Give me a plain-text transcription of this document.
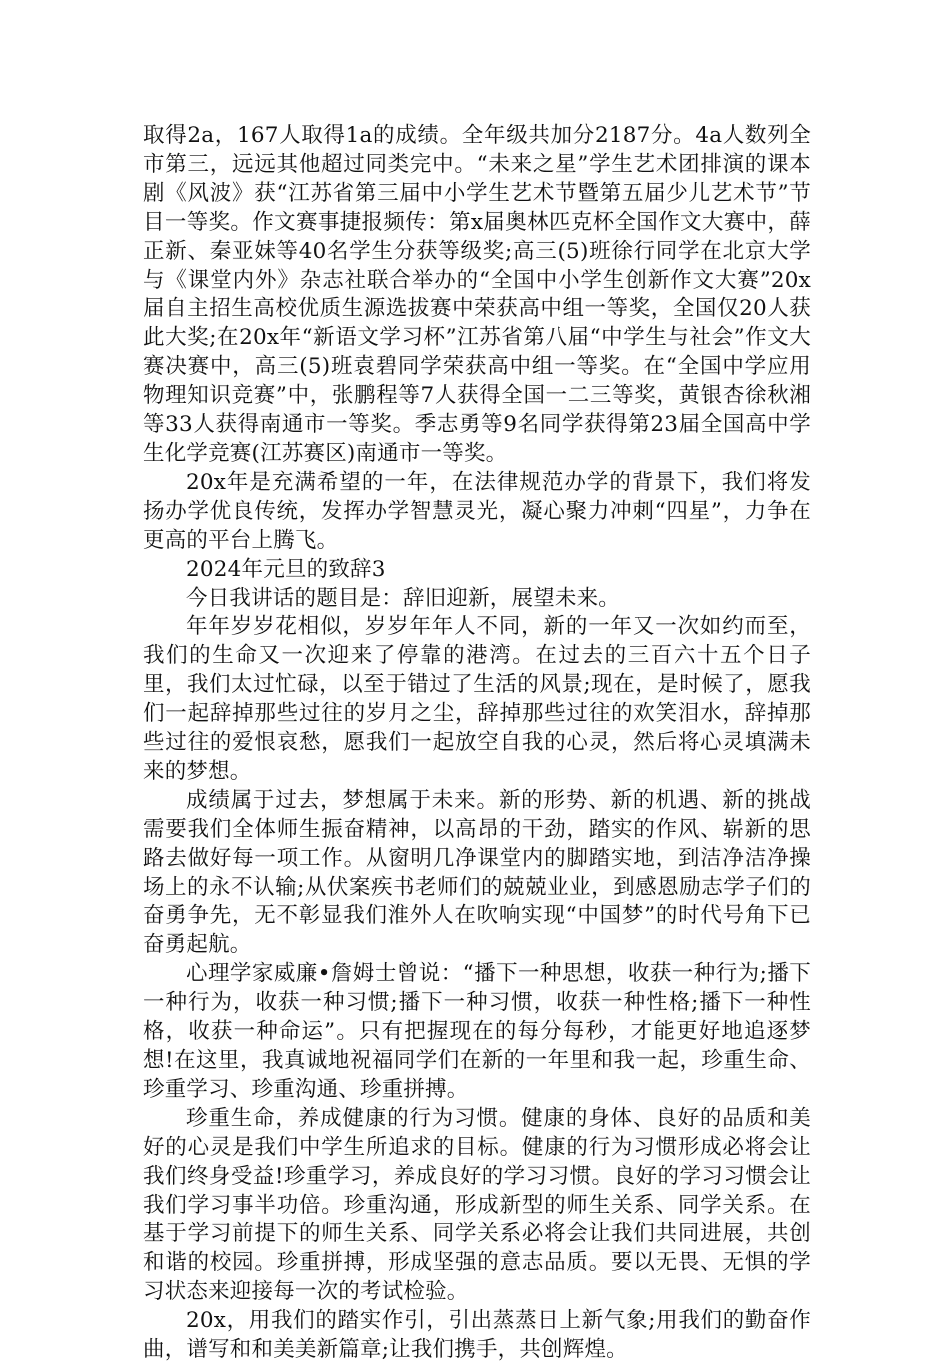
取得2a，167人取得1a的成绩。全年级共加分2187分。4a人数列全市第三，远远其他超过同类完中。“未来之星”学生艺术团排演的课本剧《风波》获“江苏省第三届中小学生艺术节暨第五届少儿艺术节”节目一等奖。作文赛事捷报频传：第x届奥林匹克杯全国作文大赛中，薛正新、秦亚妹等40名学生分获等级奖;高三(5)班徐行同学在北京大学与《课堂内外》杂志社联合举办的“全国中小学生创新作文大赛”20x届自主招生高校优质生源选拔赛中荣获高中组一等奖，全国仅20人获此大奖;在20x年“新语文学习杯”江苏省第八届“中学生与社会”作文大赛决赛中，高三(5)班袁碧同学荣获高中组一等奖。在“全国中学应用物理知识竞赛”中，张鹏程等7人获得全国一二三等奖，黄银杏徐秋湘等33人获得南通市一等奖。季志勇等9名同学获得第23届全国高中学生化学竞赛(江苏赛区)南通市一等奖。

20x年是充满希望的一年，在法律规范办学的背景下，我们将发扬办学优良传统，发挥办学智慧灵光，凝心聚力冲刺“四星”，力争在更高的平台上腾飞。

2024年元旦的致辞3

今日我讲话的题目是：辞旧迎新，展望未来。

年年岁岁花相似，岁岁年年人不同，新的一年又一次如约而至，我们的生命又一次迎来了停靠的港湾。在过去的三百六十五个日子里，我们太过忙碌，以至于错过了生活的风景;现在，是时候了，愿我们一起辞掉那些过往的岁月之尘，辞掉那些过往的欢笑泪水，辞掉那些过往的爱恨哀愁，愿我们一起放空自我的心灵，然后将心灵填满未来的梦想。

成绩属于过去，梦想属于未来。新的形势、新的机遇、新的挑战需要我们全体师生振奋精神，以高昂的干劲，踏实的作风、崭新的思路去做好每一项工作。从窗明几净课堂内的脚踏实地，到洁净洁净操场上的永不认输;从伏案疾书老师们的兢兢业业，到感恩励志学子们的奋勇争先，无不彰显我们淮外人在吹响实现“中国梦”的时代号角下已奋勇起航。

心理学家威廉•詹姆士曾说：“播下一种思想，收获一种行为;播下一种行为，收获一种习惯;播下一种习惯，收获一种性格;播下一种性格，收获一种命运”。只有把握现在的每分每秒，才能更好地追逐梦想!在这里，我真诚地祝福同学们在新的一年里和我一起，珍重生命、珍重学习、珍重沟通、珍重拼搏。

珍重生命，养成健康的行为习惯。健康的身体、良好的品质和美好的心灵是我们中学生所追求的目标。健康的行为习惯形成必将会让我们终身受益!珍重学习，养成良好的学习习惯。良好的学习习惯会让我们学习事半功倍。珍重沟通，形成新型的师生关系、同学关系。在基于学习前提下的师生关系、同学关系必将会让我们共同进展，共创和谐的校园。珍重拼搏，形成坚强的意志品质。要以无畏、无惧的学习状态来迎接每一次的考试检验。

20x，用我们的踏实作引，引出蒸蒸日上新气象;用我们的勤奋作曲，谱写和和美美新篇章;让我们携手，共创辉煌。
